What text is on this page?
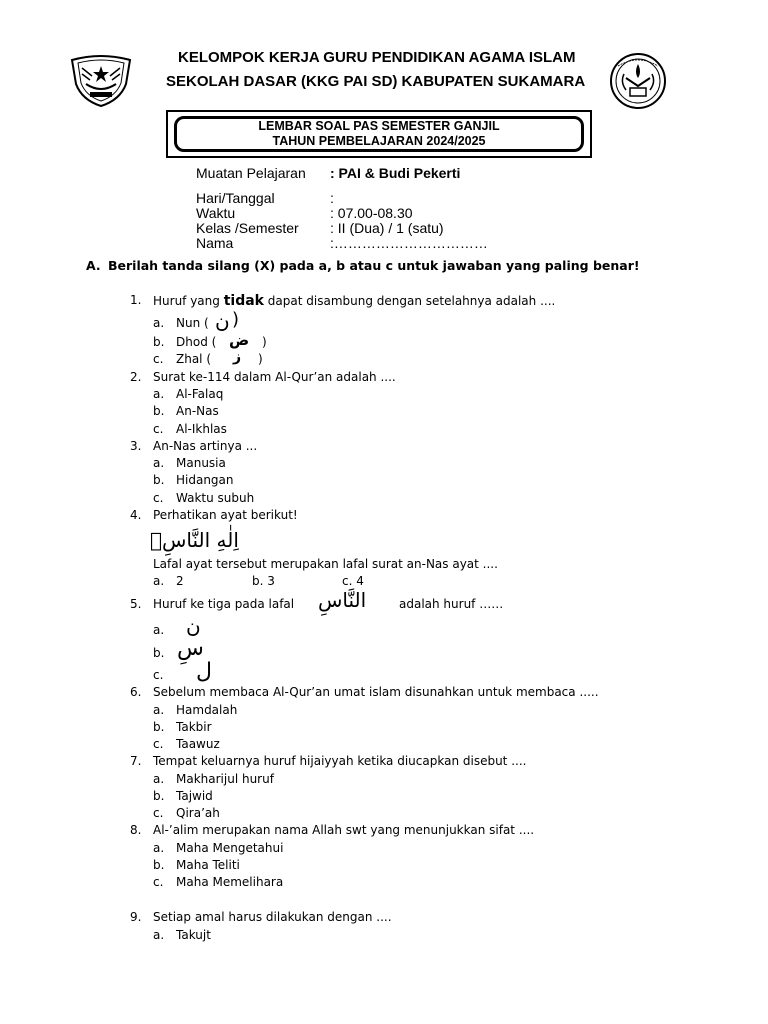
KELOMPOK KERJA GURU PENDIDIKAN AGAMA ISLAM
SEKOLAH DASAR (KKG PAI SD) KABUPATEN SUKAMARA
LEMBAR SOAL PAS SEMESTER GANJIL
TAHUN PEMBELAJARAN 2024/2025
Muatan Pelajaran : PAI & Budi Pekerti
Hari/Tanggal	:
Waktu	: 07.00-08.30
Kelas /Semester : II (Dua) / 1 (satu)
Nama	:……………………………
A. Berilah tanda silang (X) pada a, b atau c untuk jawaban yang paling benar!
1. Huruf yang tidak dapat disambung dengan setelahnya adalah ....
a. Nun ( ن )
b. Dhod ( ض )
c. Zhal ( ز )
2. Surat ke-114 dalam Al-Qur’an adalah ....
a. Al-Falaq
b. An-Nas
c. Al-Ikhlas
3. An-Nas artinya ...
a. Manusia
b. Hidangan
c. Waktu subuh
4. Perhatikan ayat berikut!
اِلٰهِ النَّاسِۙ
Lafal ayat tersebut merupakan lafal surat an-Nas ayat ....
a. 2	b. 3	c. 4
5. Huruf ke tiga pada lafal النَّاسِ	adalah huruf ……
a. ن
b. سِ
c. ل
6. Sebelum membaca Al-Qur’an umat islam disunahkan untuk membaca .....
a. Hamdalah
b. Takbir
c. Taawuz
7. Tempat keluarnya huruf hijaiyyah ketika diucapkan disebut ....
a. Makharijul huruf
b. Tajwid
c. Qira’ah
8. Al-’alim merupakan nama Allah swt yang menunjukkan sifat ....
a. Maha Mengetahui
b. Maha Teliti
c. Maha Memelihara
9. Setiap amal harus dilakukan dengan ....
a. Takujt
